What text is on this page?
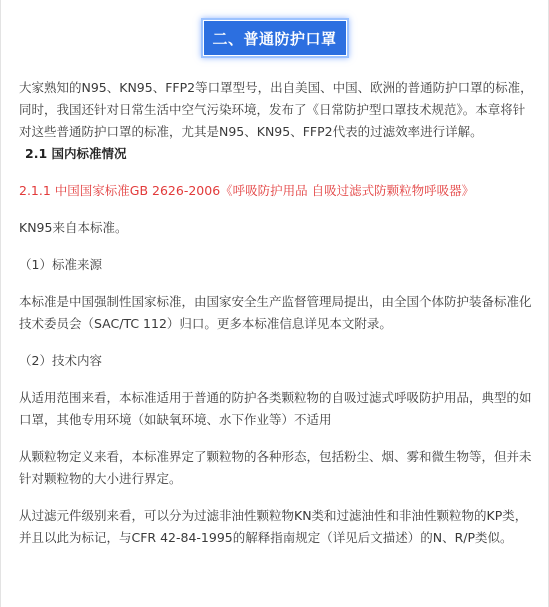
二、普通防护口罩

大家熟知的N95、KN95、FFP2等口罩型号，出自美国、中国、欧洲的普通防护口罩的标准，同时，我国还针对日常生活中空气污染环境，发布了《日常防护型口罩技术规范》。本章将针对这些普通防护口罩的标准，尤其是N95、KN95、FFP2代表的过滤效率进行详解。

2.1 国内标准情况

2.1.1 中国国家标准GB 2626-2006《呼吸防护用品 自吸过滤式防颗粒物呼吸器》

KN95来自本标准。

（1）标准来源

本标准是中国强制性国家标准，由国家安全生产监督管理局提出，由全国个体防护装备标准化技术委员会（SAC/TC 112）归口。更多本标准信息详见本文附录。

（2）技术内容

从适用范围来看，本标准适用于普通的防护各类颗粒物的自吸过滤式呼吸防护用品，典型的如口罩，其他专用环境（如缺氧环境、水下作业等）不适用

从颗粒物定义来看，本标准界定了颗粒物的各种形态，包括粉尘、烟、雾和微生物等，但并未针对颗粒物的大小进行界定。

从过滤元件级别来看，可以分为过滤非油性颗粒物KN类和过滤油性和非油性颗粒物的KP类，并且以此为标记，与CFR 42-84-1995的解释指南规定（详见后文描述）的N、R/P类似。
